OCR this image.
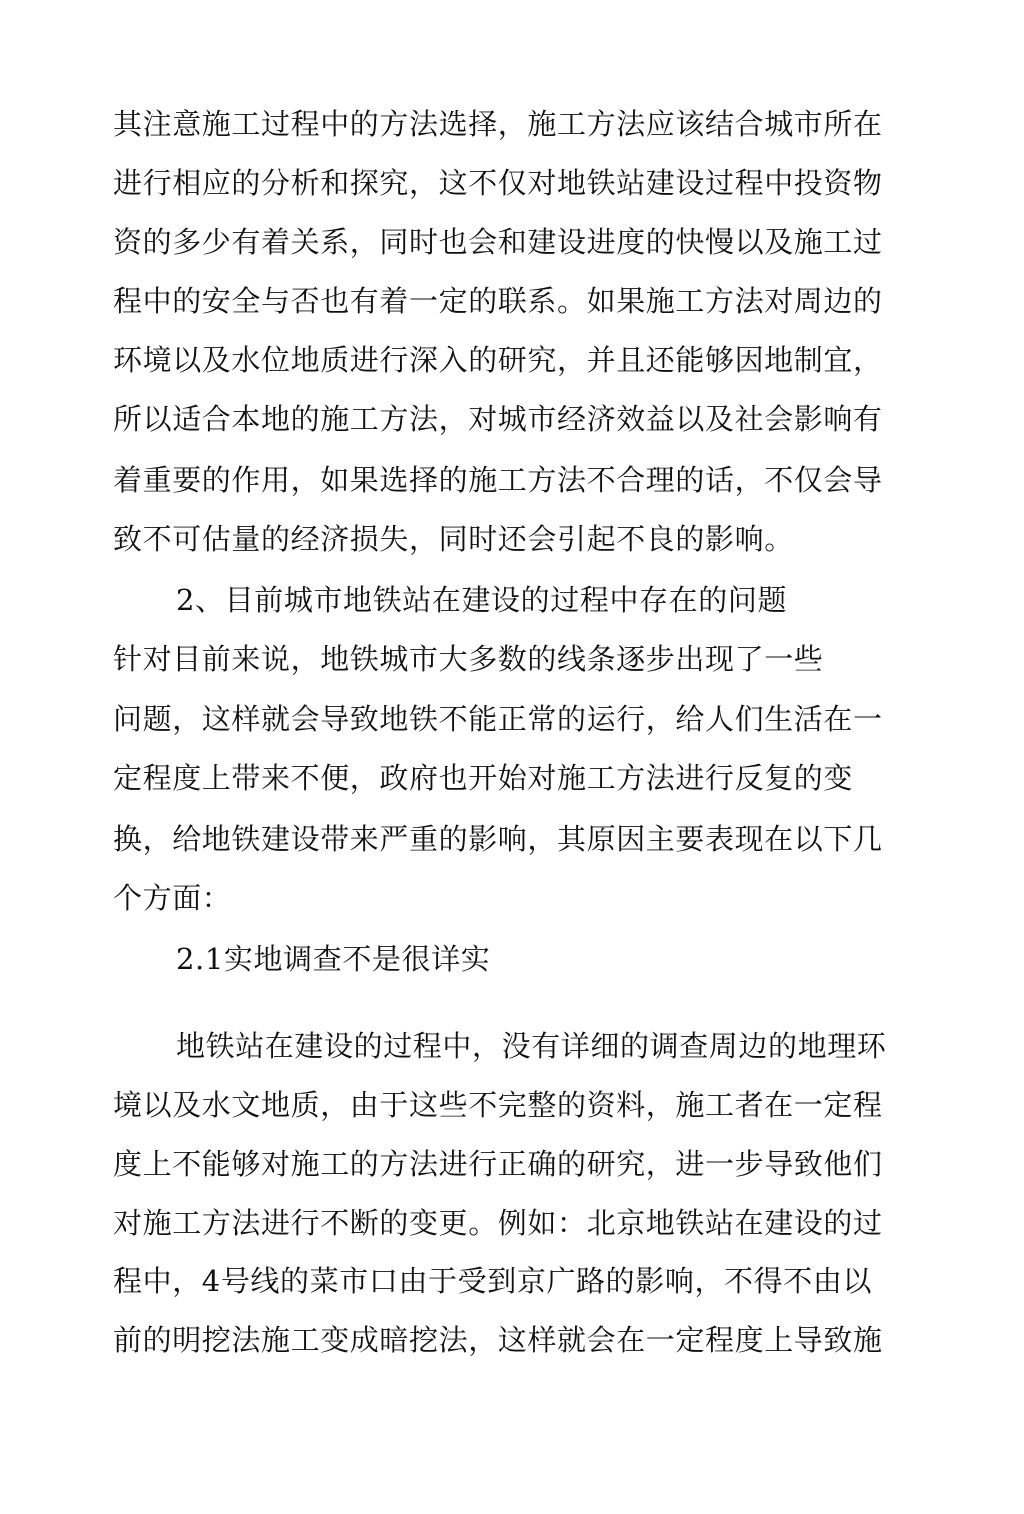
其注意施工过程中的方法选择，施工方法应该结合城市所在
进行相应的分析和探究，这不仅对地铁站建设过程中投资物
资的多少有着关系，同时也会和建设进度的快慢以及施工过
程中的安全与否也有着一定的联系。如果施工方法对周边的
环境以及水位地质进行深入的研究，并且还能够因地制宜，
所以适合本地的施工方法，对城市经济效益以及社会影响有
着重要的作用，如果选择的施工方法不合理的话，不仅会导
致不可估量的经济损失，同时还会引起不良的影响。
2、目前城市地铁站在建设的过程中存在的问题
针对目前来说，地铁城市大多数的线条逐步出现了一些
问题，这样就会导致地铁不能正常的运行，给人们生活在一
定程度上带来不便，政府也开始对施工方法进行反复的变
换，给地铁建设带来严重的影响，其原因主要表现在以下几
个方面：
2.1实地调查不是很详实
地铁站在建设的过程中，没有详细的调查周边的地理环
境以及水文地质，由于这些不完整的资料，施工者在一定程
度上不能够对施工的方法进行正确的研究，进一步导致他们
对施工方法进行不断的变更。例如：北京地铁站在建设的过
程中，4号线的菜市口由于受到京广路的影响，不得不由以
前的明挖法施工变成暗挖法，这样就会在一定程度上导致施
